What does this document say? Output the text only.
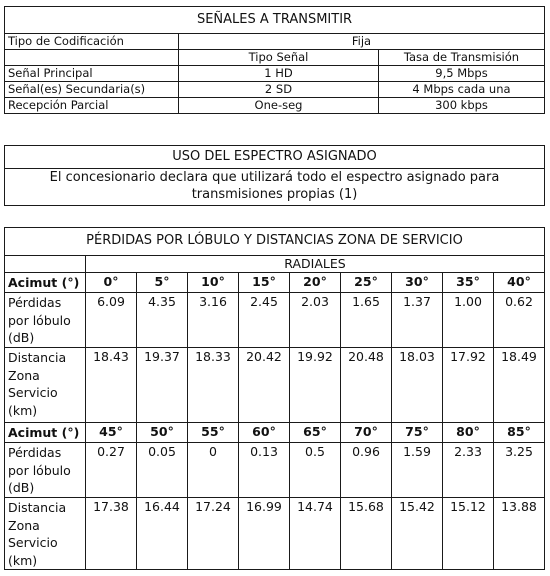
SEÑALES A TRANSMITIR		
Tipo de Codificación	Fija	
	Tipo Señal	Tasa de Transmisión
Señal Principal	1 HD	9,5 Mbps
Señal(es) Secundaria(s)	2 SD	4 Mbps cada una
Recepción Parcial	One-seg	300 kbps
USO DEL ESPECTRO ASIGNADO
El concesionario declara que utilizará todo el espectro asignado para transmisiones propias (1)
PÉRDIDAS POR LÓBULO Y DISTANCIAS ZONA DE SERVICIO									
	RADIALES								
Acimut (°)	0°	5°	10°	15°	20°	25°	30°	35°	40°
Pérdidas por lóbulo (dB)	6.09	4.35	3.16	2.45	2.03	1.65	1.37	1.00	0.62
Distancia Zona Servicio (km)	18.43	19.37	18.33	20.42	19.92	20.48	18.03	17.92	18.49
Acimut (°)	45°	50°	55°	60°	65°	70°	75°	80°	85°
Pérdidas por lóbulo (dB)	0.27	0.05	0	0.13	0.5	0.96	1.59	2.33	3.25
Distancia Zona Servicio (km)	17.38	16.44	17.24	16.99	14.74	15.68	15.42	15.12	13.88
